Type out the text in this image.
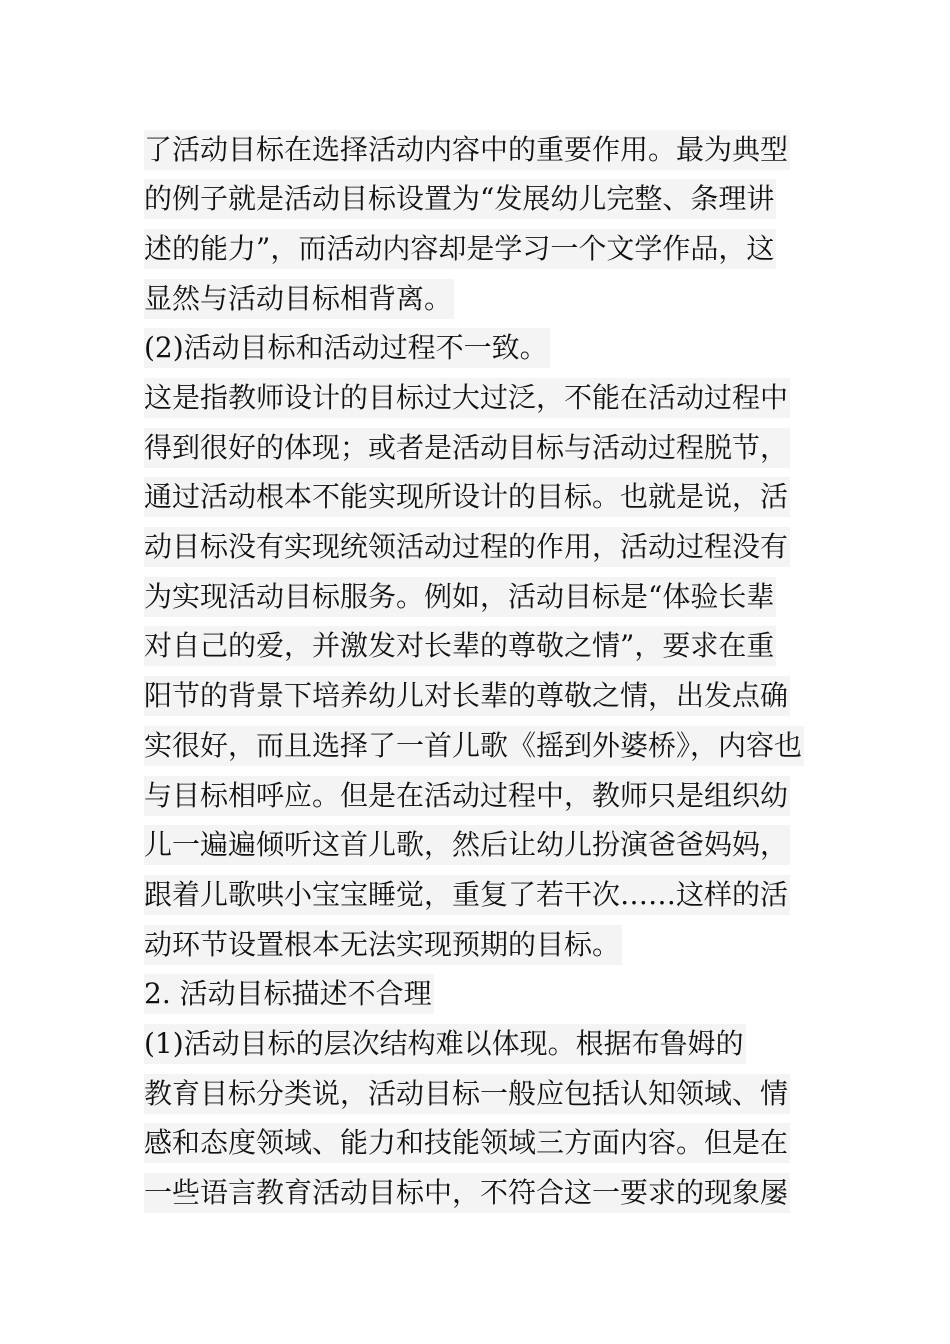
了活动目标在选择活动内容中的重要作用。最为典型
的例子就是活动目标设置为“发展幼儿完整、条理讲
述的能力”，而活动内容却是学习一个文学作品，这
显然与活动目标相背离。
(2)活动目标和活动过程不一致。
这是指教师设计的目标过大过泛，不能在活动过程中
得到很好的体现；或者是活动目标与活动过程脱节，
通过活动根本不能实现所设计的目标。也就是说，活
动目标没有实现统领活动过程的作用，活动过程没有
为实现活动目标服务。例如，活动目标是“体验长辈
对自己的爱，并激发对长辈的尊敬之情”，要求在重
阳节的背景下培养幼儿对长辈的尊敬之情，出发点确
实很好，而且选择了一首儿歌《摇到外婆桥》，内容也
与目标相呼应。但是在活动过程中，教师只是组织幼
儿一遍遍倾听这首儿歌，然后让幼儿扮演爸爸妈妈，
跟着儿歌哄小宝宝睡觉，重复了若干次……这样的活
动环节设置根本无法实现预期的目标。
2. 活动目标描述不合理
(1)活动目标的层次结构难以体现。根据布鲁姆的
教育目标分类说，活动目标一般应包括认知领域、情
感和态度领域、能力和技能领域三方面内容。但是在
一些语言教育活动目标中，不符合这一要求的现象屡
